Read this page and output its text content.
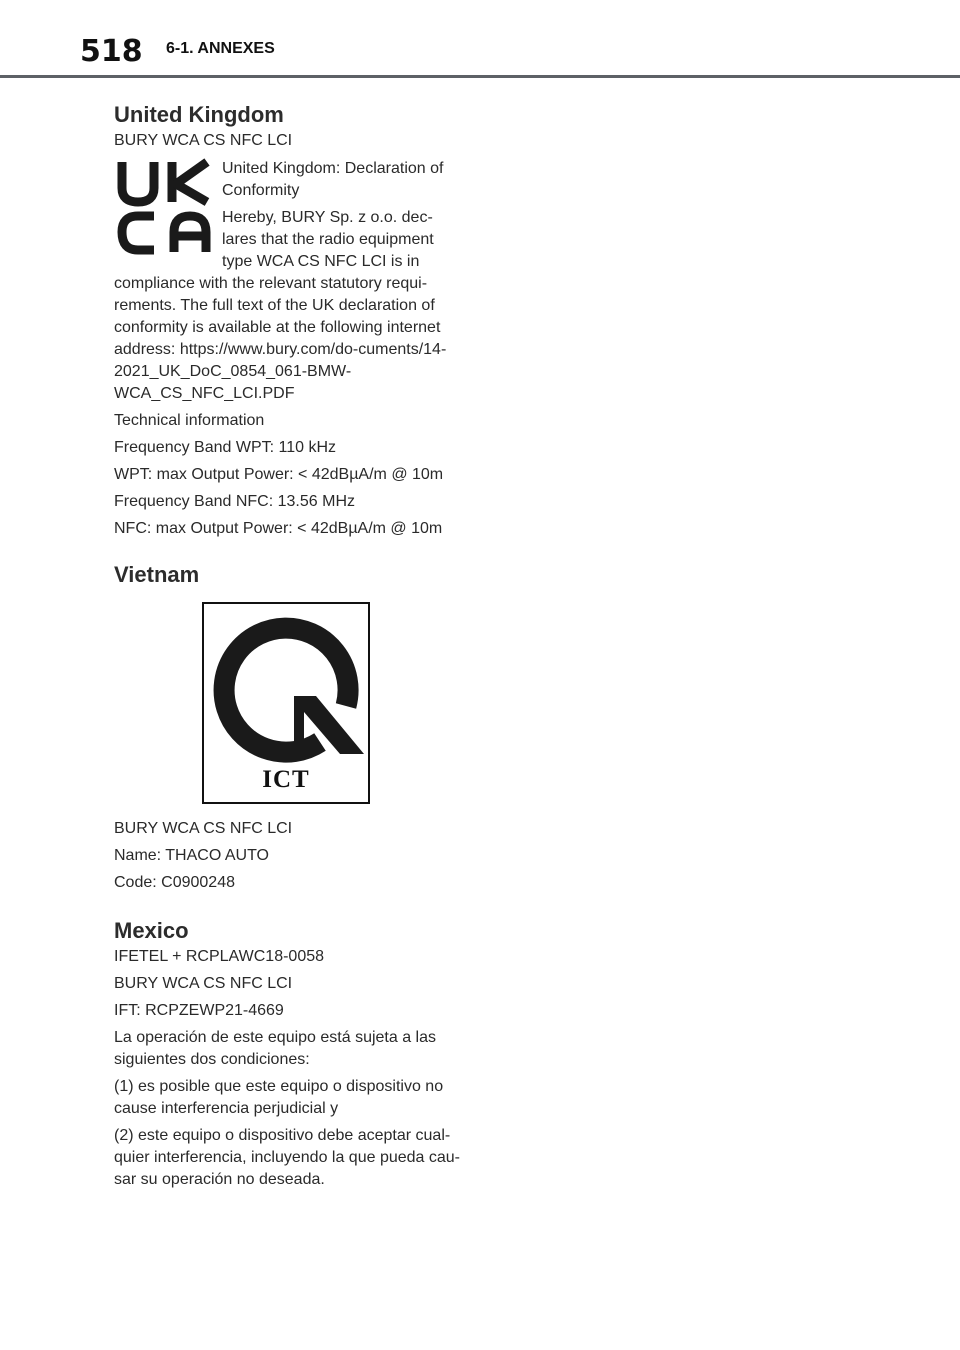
518 6-1. ANNEXES
United Kingdom

BURY WCA CS NFC LCI

United Kingdom: Declaration of Conformity

Hereby, BURY Sp. z o.o. dec-lares that the radio equipment type WCA CS NFC LCI is in compliance with the relevant statutory requi-rements. The full text of the UK declaration of conformity is available at the following internet address: https://www.bury.com/do-cuments/14-2021_UK_DoC_0854_061-BMW-WCA_CS_NFC_LCI.PDF

Technical information

Frequency Band WPT: 110 kHz

WPT: max Output Power: < 42dBµA/m @ 10m

Frequency Band NFC: 13.56 MHz

NFC: max Output Power: < 42dBµA/m @ 10m

Vietnam
ICT

BURY WCA CS NFC LCI

Name: THACO AUTO

Code: C0900248

Mexico

IFETEL + RCPLAWC18-0058

BURY WCA CS NFC LCI

IFT: RCPZEWP21-4669

La operación de este equipo está sujeta a las siguientes dos condiciones:

(1) es posible que este equipo o dispositivo no cause interferencia perjudicial y

(2) este equipo o dispositivo debe aceptar cual-quier interferencia, incluyendo la que pueda cau-sar su operación no deseada.
